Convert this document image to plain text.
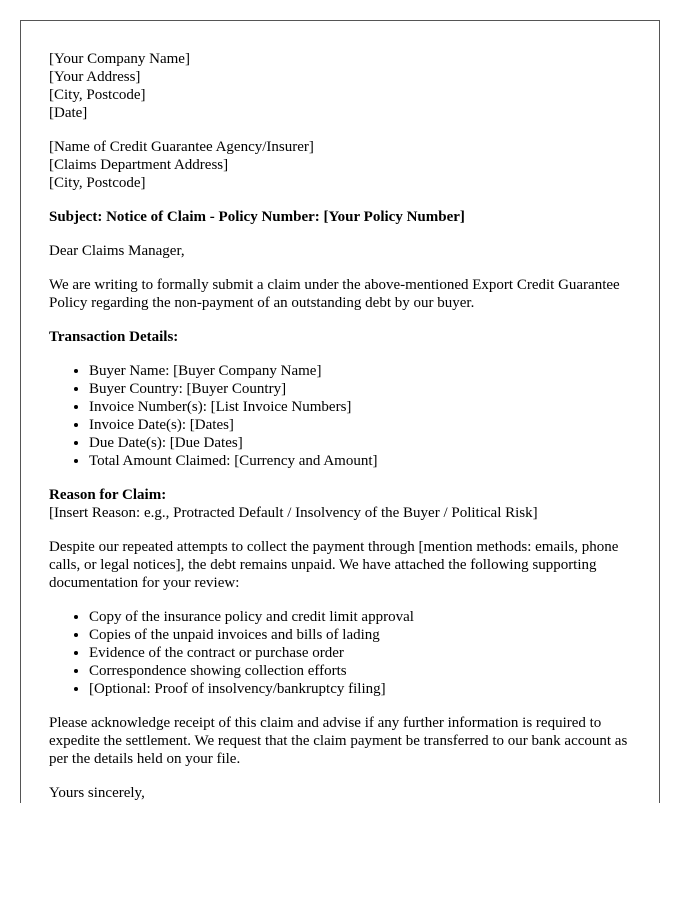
[Your Company Name]
[Your Address]
[City, Postcode]
[Date]
[Name of Credit Guarantee Agency/Insurer]
[Claims Department Address]
[City, Postcode]
Subject: Notice of Claim - Policy Number: [Your Policy Number]

Dear Claims Manager,

We are writing to formally submit a claim under the above-mentioned Export Credit Guarantee Policy regarding the non-payment of an outstanding debt by our buyer.

Transaction Details:
• Buyer Name: [Buyer Company Name]
• Buyer Country: [Buyer Country]
• Invoice Number(s): [List Invoice Numbers]
• Invoice Date(s): [Dates]
• Due Date(s): [Due Dates]
• Total Amount Claimed: [Currency and Amount]
Reason for Claim:
[Insert Reason: e.g., Protracted Default / Insolvency of the Buyer / Political Risk]

Despite our repeated attempts to collect the payment through [mention methods: emails, phone calls, or legal notices], the debt remains unpaid. We have attached the following supporting documentation for your review:

• Copy of the insurance policy and credit limit approval
• Copies of the unpaid invoices and bills of lading
• Evidence of the contract or purchase order
• Correspondence showing collection efforts
• [Optional: Proof of insolvency/bankruptcy filing]

Please acknowledge receipt of this claim and advise if any further information is required to expedite the settlement. We request that the claim payment be transferred to our bank account as per the details held on your file.

Yours sincerely,
